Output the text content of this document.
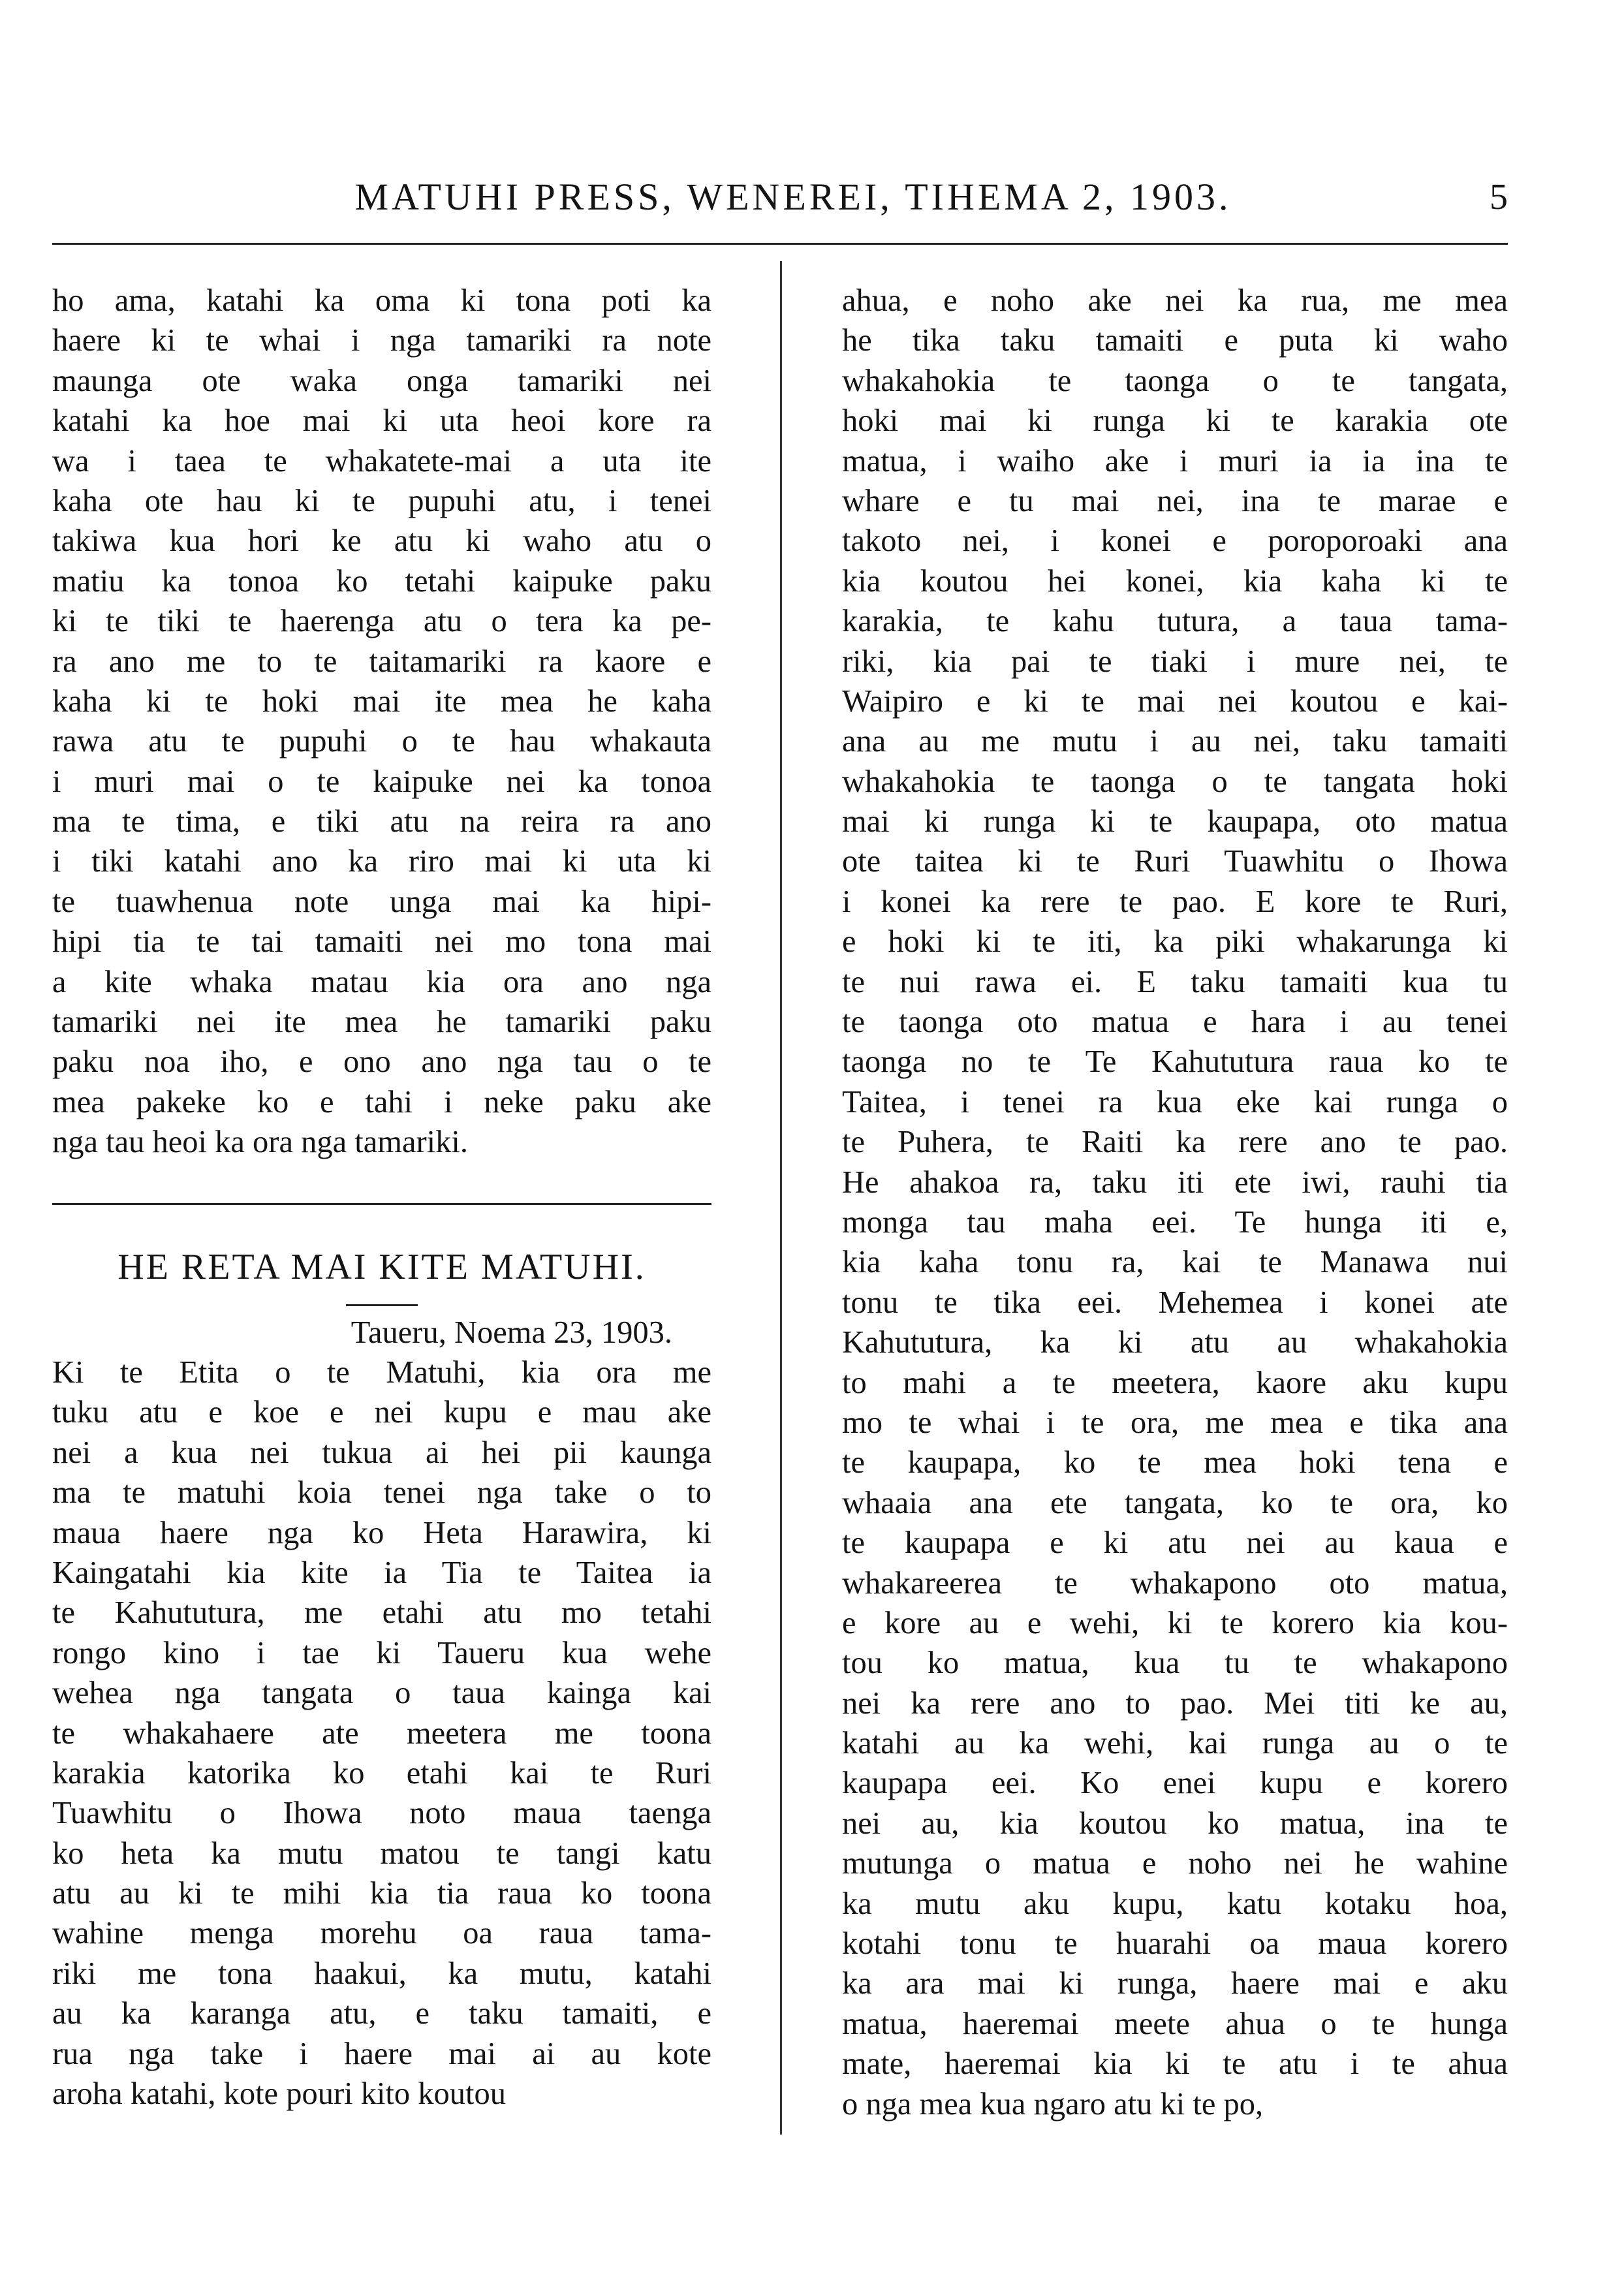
MATUHI PRESS, WENEREI, TIHEMA 2, 1903.	5
ho ama, katahi ka oma ki tona poti ka
haere ki te whai i nga tamariki ra note
maunga ote waka onga tamariki nei
katahi ka hoe mai ki uta heoi kore ra
wa i taea te whakatete-mai a uta ite
kaha ote hau ki te pupuhi atu, i tenei
takiwa kua hori ke atu ki waho atu o
matiu ka tonoa ko tetahi kaipuke paku
ki te tiki te haerenga atu o tera ka pe-
ra ano me to te taitamariki ra kaore e
kaha ki te hoki mai ite mea he kaha
rawa atu te pupuhi o te hau whakauta
i muri mai o te kaipuke nei ka tonoa
ma te tima, e tiki atu na reira ra ano
i tiki katahi ano ka riro mai ki uta ki
te tuawhenua note unga mai ka hipi-
hipi tia te tai tamaiti nei mo tona mai
a kite whaka matau kia ora ano nga
tamariki nei ite mea he tamariki paku
paku noa iho, e ono ano nga tau o te
mea pakeke ko e tahi i neke paku ake
nga tau heoi ka ora nga tamariki.
HE RETA MAI KITE MATUHI.
Taueru, Noema 23, 1903.
Ki te Etita o te Matuhi, kia ora me
tuku atu e koe e nei kupu e mau ake
nei a kua nei tukua ai hei pii kaunga
ma te matuhi koia tenei nga take o to
maua haere nga ko Heta Harawira, ki
Kaingatahi kia kite ia Tia te Taitea ia
te Kahututura, me etahi atu mo tetahi
rongo kino i tae ki Taueru kua wehe
wehea nga tangata o taua kainga kai
te whakahaere ate meetera me toona
karakia katorika ko etahi kai te Ruri
Tuawhitu o Ihowa noto maua taenga
ko heta ka mutu matou te tangi katu
atu au ki te mihi kia tia raua ko toona
wahine menga morehu oa raua tama-
riki me tona haakui, ka mutu, katahi
au ka karanga atu, e taku tamaiti, e
rua nga take i haere mai ai au kote
aroha katahi, kote pouri kito koutou
ahua, e noho ake nei ka rua, me mea
he tika taku tamaiti e puta ki waho
whakahokia te taonga o te tangata,
hoki mai ki runga ki te karakia ote
matua, i waiho ake i muri ia ia ina te
whare e tu mai nei, ina te marae e
takoto nei, i konei e poroporoaki ana
kia koutou hei konei, kia kaha ki te
karakia, te kahu tutura, a taua tama-
riki, kia pai te tiaki i mure nei, te
Waipiro e ki te mai nei koutou e kai-
ana au me mutu i au nei, taku tamaiti
whakahokia te taonga o te tangata hoki
mai ki runga ki te kaupapa, oto matua
ote taitea ki te Ruri Tuawhitu o Ihowa
i konei ka rere te pao. E kore te Ruri,
e hoki ki te iti, ka piki whakarunga ki
te nui rawa ei. E taku tamaiti kua tu
te taonga oto matua e hara i au tenei
taonga no te Te Kahututura raua ko te
Taitea, i tenei ra kua eke kai runga o
te Puhera, te Raiti ka rere ano te pao.
He ahakoa ra, taku iti ete iwi, rauhi tia
monga tau maha eei. Te hunga iti e,
kia kaha tonu ra, kai te Manawa nui
tonu te tika eei. Mehemea i konei ate
Kahututura, ka ki atu au whakahokia
to mahi a te meetera, kaore aku kupu
mo te whai i te ora, me mea e tika ana
te kaupapa, ko te mea hoki tena e
whaaia ana ete tangata, ko te ora, ko
te kaupapa e ki atu nei au kaua e
whakareerea te whakapono oto matua,
e kore au e wehi, ki te korero kia kou-
tou ko matua, kua tu te whakapono
nei ka rere ano to pao. Mei titi ke au,
katahi au ka wehi, kai runga au o te
kaupapa eei. Ko enei kupu e korero
nei au, kia koutou ko matua, ina te
mutunga o matua e noho nei he wahine
ka mutu aku kupu, katu kotaku hoa,
kotahi tonu te huarahi oa maua korero
ka ara mai ki runga, haere mai e aku
matua, haeremai meete ahua o te hunga
mate, haeremai kia ki te atu i te ahua
o nga mea kua ngaro atu ki te po,
